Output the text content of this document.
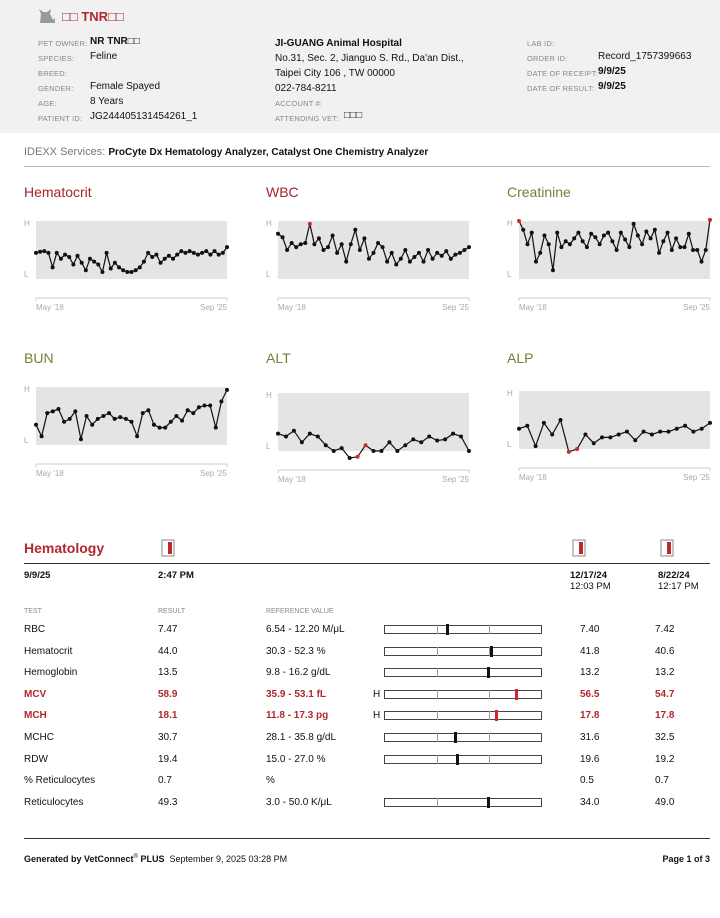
□□ TNR□□
PET OWNER: NR TNR□□
SPECIES: Feline
BREED:
GENDER: Female Spayed
AGE:	8 Years
PATIENT ID: JG244405131454261_1
JI-GUANG Animal Hospital
No.31, Sec. 2, Jianguo S. Rd., Da'an Dist.,
Taipei City 106 , TW 00000
022-784-8211
ACCOUNT #:
ATTENDING VET: □□□
LAB ID:
ORDER ID:	Record_1757399663
DATE OF RECEIPT: 9/9/25
DATE OF RESULT: 9/9/25
IDEXX Services: ProCyte Dx Hematology Analyzer, Catalyst One Chemistry Analyzer
Hematocrit
H
L
May '18	Sep '25
WBC
H
L
May '18	Sep '25
Creatinine
H
L
May '18	Sep '25
BUN
H
L
May '18	Sep '25
ALT
H
L
May '18	Sep '25
ALP
H
L
May '18	Sep '25
Hematology
9/9/25	2:47 PM	12/17/24
12:03 PM
8/22/24
12:17 PM
TEST	RESULT	REFERENCE VALUE
RBC	7.47	6.54 - 12.20 M/μL	7.40	7.42
Hematocrit	44.0	30.3 - 52.3 %	41.8	40.6
Hemoglobin	13.5	9.8 - 16.2 g/dL	13.2	13.2
MCV	58.9	35.9 - 53.1 fL	H	56.5	54.7
MCH	18.1	11.8 - 17.3 pg	H	17.8	17.8
MCHC	30.7	28.1 - 35.8 g/dL	31.6	32.5
RDW	19.4	15.0 - 27.0 %	19.6	19.2
% Reticulocytes	0.7	%	0.5	0.7
Reticulocytes	49.3	3.0 - 50.0 K/μL	34.0	49.0
Generated by VetConnect® PLUS September 9, 2025 03:28 PM	Page 1 of 3
